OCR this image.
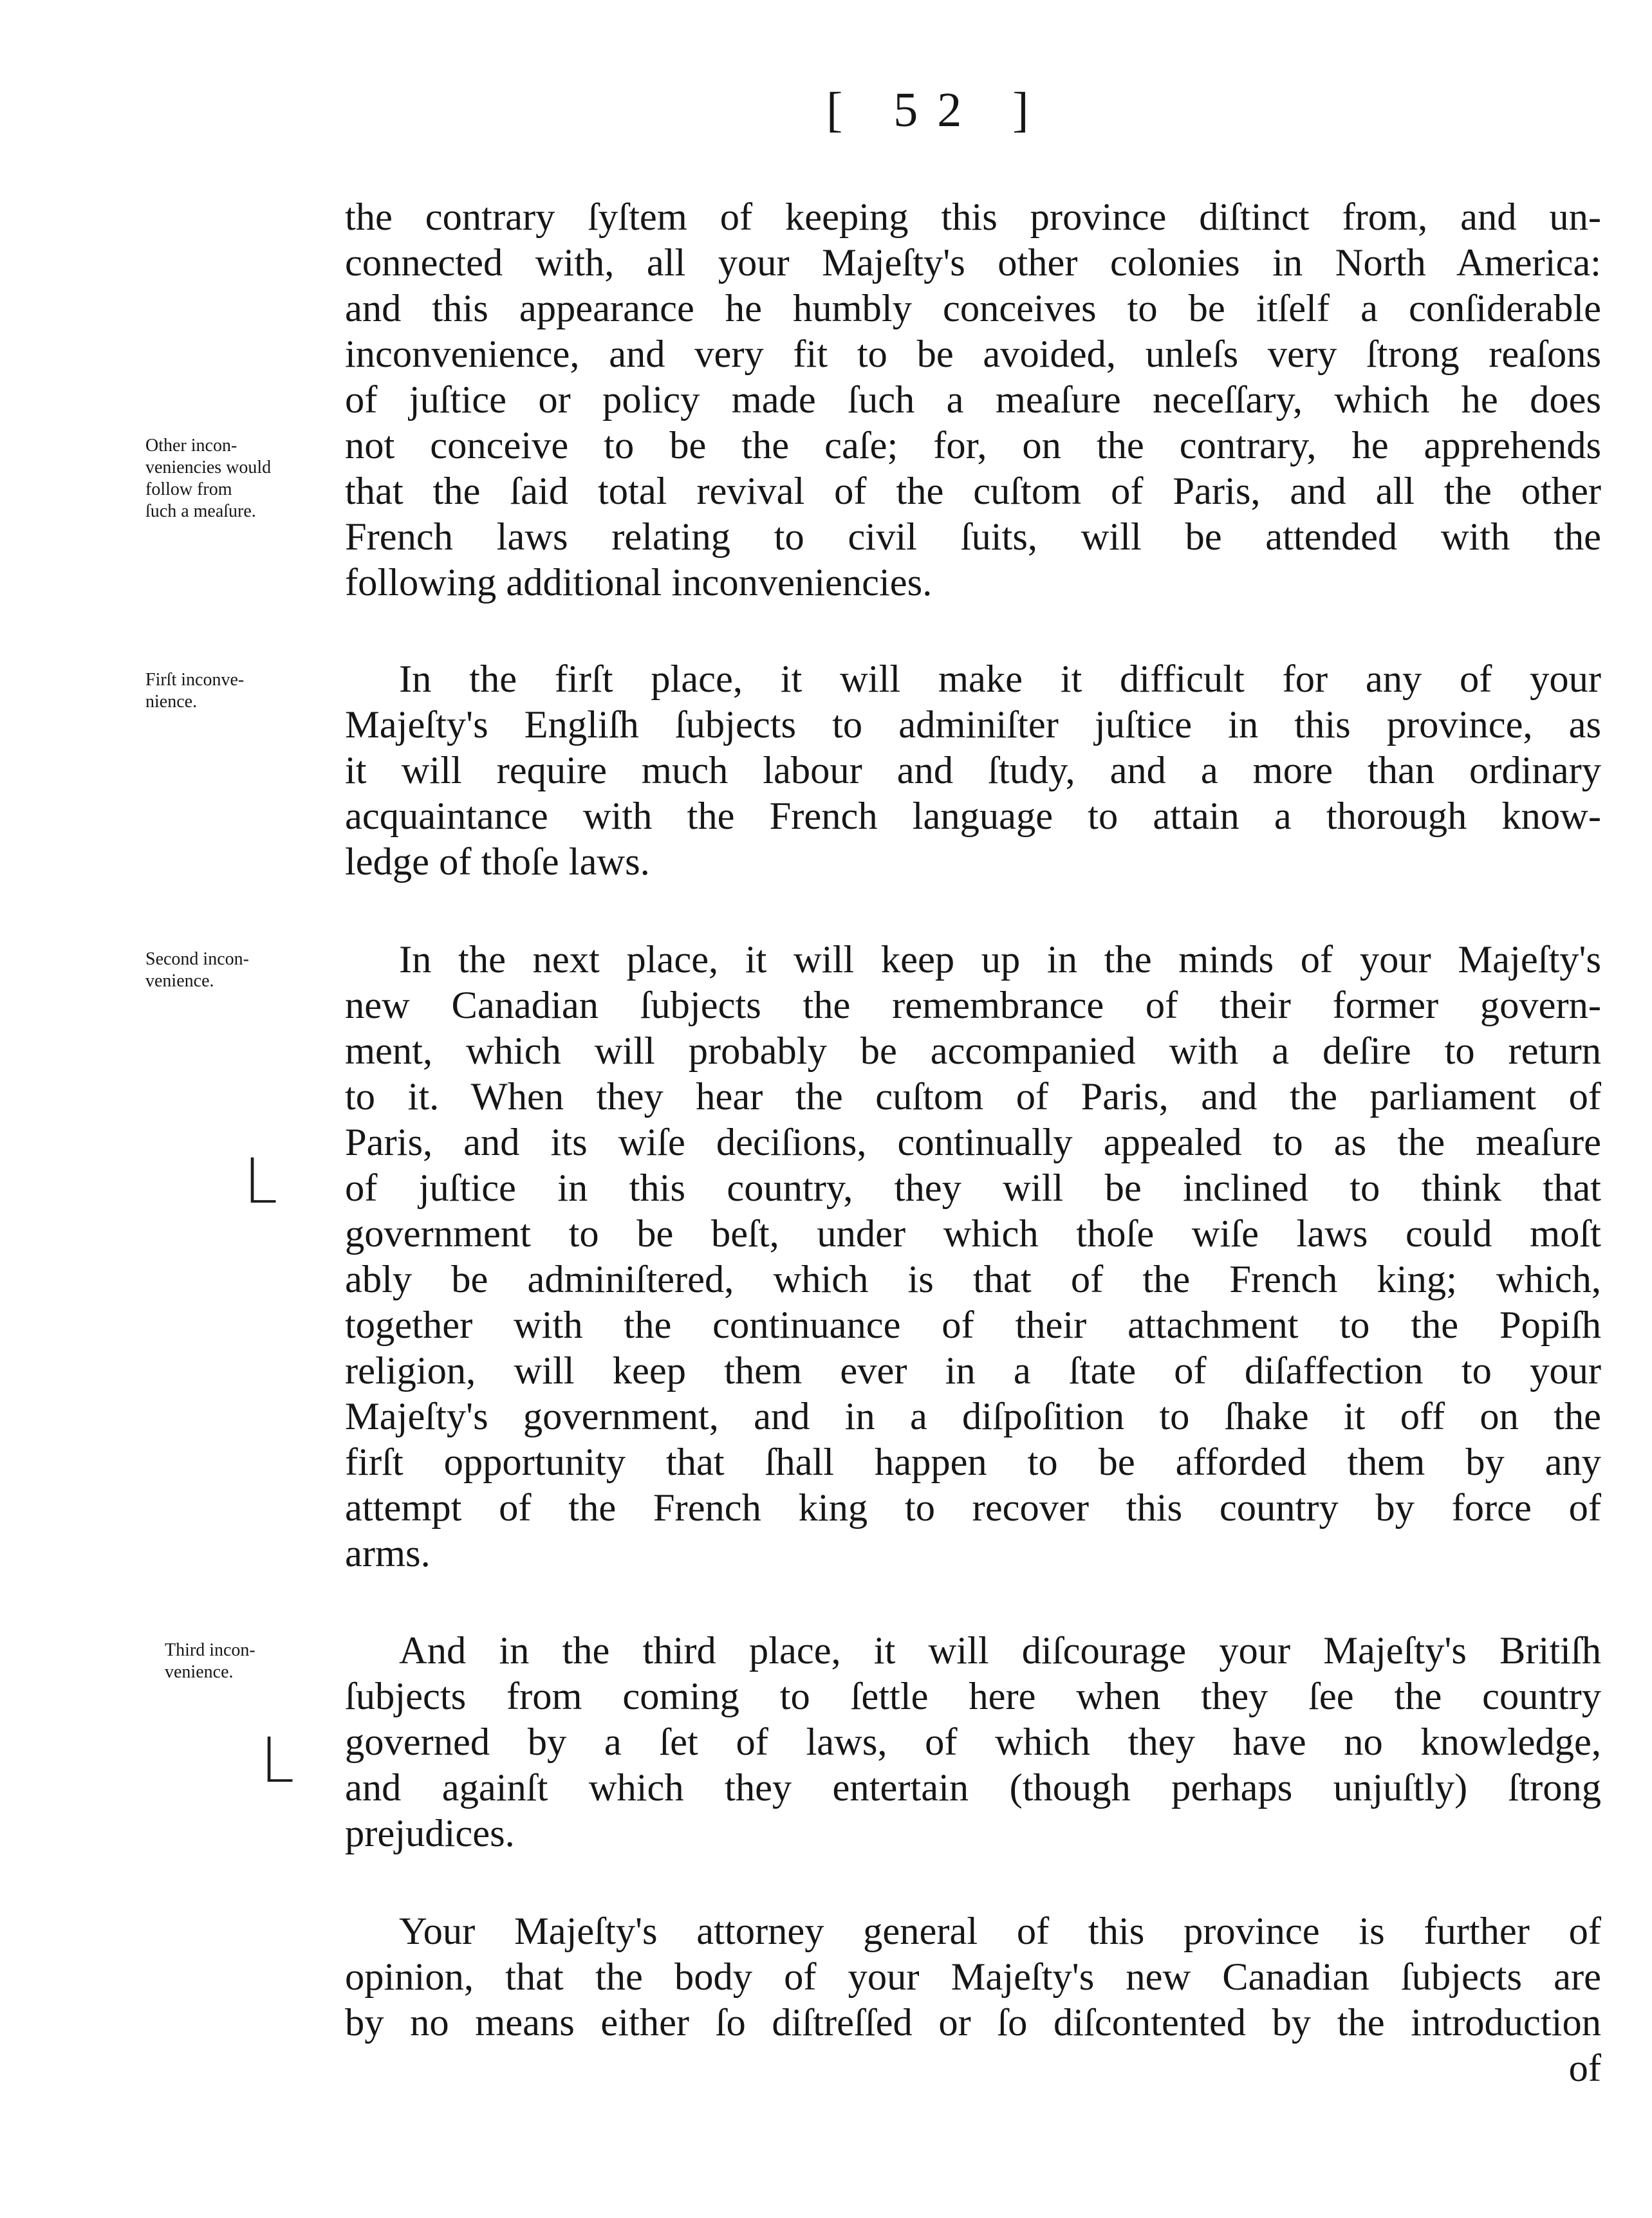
[ 52 ]
the contrary ſyſtem of keeping this province diſtinct from, and un-
connected with, all your Majeſty's other colonies in North America:
and this appearance he humbly conceives to be itſelf a conſiderable
inconvenience, and very fit to be avoided, unleſs very ſtrong reaſons
of juſtice or policy made ſuch a meaſure neceſſary, which he does
not conceive to be the caſe; for, on the contrary, he apprehends
that the ſaid total revival of the cuſtom of Paris, and all the other
French laws relating to civil ſuits, will be attended with the
following additional inconveniencies.
Other incon-
veniencies would
follow from
ſuch a meaſure.
In the firſt place, it will make it difficult for any of your
Majeſty's Engliſh ſubjects to adminiſter juſtice in this province, as
it will require much labour and ſtudy, and a more than ordinary
acquaintance with the French language to attain a thorough know-
ledge of thoſe laws.
Firſt inconve-
nience.
In the next place, it will keep up in the minds of your Majeſty's
new Canadian ſubjects the remembrance of their former govern-
ment, which will probably be accompanied with a deſire to return
to it. When they hear the cuſtom of Paris, and the parliament of
Paris, and its wiſe deciſions, continually appealed to as the meaſure
of juſtice in this country, they will be inclined to think that
government to be beſt, under which thoſe wiſe laws could moſt
ably be adminiſtered, which is that of the French king; which,
together with the continuance of their attachment to the Popiſh
religion, will keep them ever in a ſtate of diſaffection to your
Majeſty's government, and in a diſpoſition to ſhake it off on the
firſt opportunity that ſhall happen to be afforded them by any
attempt of the French king to recover this country by force of
arms.
Second incon-
venience.
L
And in the third place, it will diſcourage your Majeſty's Britiſh
ſubjects from coming to ſettle here when they ſee the country
governed by a ſet of laws, of which they have no knowledge,
and againſt which they entertain (though perhaps unjuſtly) ſtrong
prejudices.
Third incon-
venience.
L
Your Majeſty's attorney general of this province is further of
opinion, that the body of your Majeſty's new Canadian ſubjects are
by no means either ſo diſtreſſed or ſo diſcontented by the introduction
of
